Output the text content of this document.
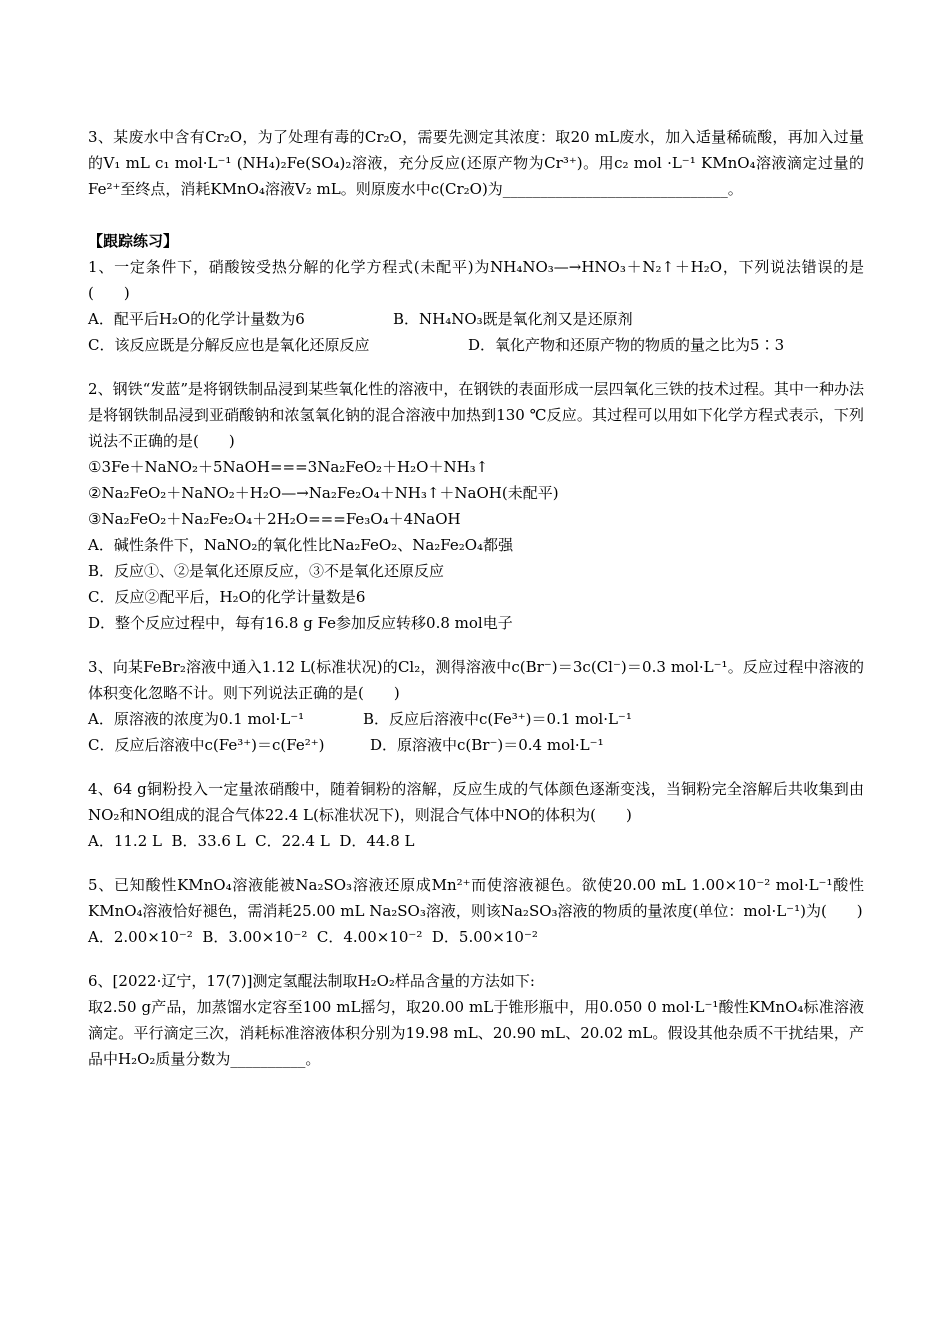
3、某废水中含有Cr₂O，为了处理有毒的Cr₂O，需要先测定其浓度：取20 mL废水，加入适量稀硫酸，再加入过量的V₁ mL c₁ mol·L⁻¹ (NH₄)₂Fe(SO₄)₂溶液，充分反应(还原产物为Cr³⁺)。用c₂ mol ·L⁻¹ KMnO₄溶液滴定过量的Fe²⁺至终点，消耗KMnO₄溶液V₂ mL。则原废水中c(Cr₂O)为______________________________。

【跟踪练习】

1、一定条件下，硝酸铵受热分解的化学方程式(未配平)为NH₄NO₃—→HNO₃＋N₂↑＋H₂O，下列说法错误的是(　　)

A．配平后H₂O的化学计量数为6	B．NH₄NO₃既是氧化剂又是还原剂
C．该反应既是分解反应也是氧化还原反应	D．氧化产物和还原产物的物质的量之比为5∶3

2、钢铁“发蓝”是将钢铁制品浸到某些氧化性的溶液中，在钢铁的表面形成一层四氧化三铁的技术过程。其中一种办法是将钢铁制品浸到亚硝酸钠和浓氢氧化钠的混合溶液中加热到130 ℃反应。其过程可以用如下化学方程式表示，下列说法不正确的是(　　)

①3Fe＋NaNO₂＋5NaOH===3Na₂FeO₂＋H₂O＋NH₃↑

②Na₂FeO₂＋NaNO₂＋H₂O—→Na₂Fe₂O₄＋NH₃↑＋NaOH(未配平)

③Na₂FeO₂＋Na₂Fe₂O₄＋2H₂O===Fe₃O₄＋4NaOH

A．碱性条件下，NaNO₂的氧化性比Na₂FeO₂、Na₂Fe₂O₄都强

B．反应①、②是氧化还原反应，③不是氧化还原反应

C．反应②配平后，H₂O的化学计量数是6

D．整个反应过程中，每有16.8 g Fe参加反应转移0.8 mol电子

3、向某FeBr₂溶液中通入1.12 L(标准状况)的Cl₂，测得溶液中c(Br⁻)＝3c(Cl⁻)＝0.3 mol·L⁻¹。反应过程中溶液的体积变化忽略不计。则下列说法正确的是(　　)

A．原溶液的浓度为0.1 mol·L⁻¹	B．反应后溶液中c(Fe³⁺)＝0.1 mol·L⁻¹
C．反应后溶液中c(Fe³⁺)＝c(Fe²⁺)	D．原溶液中c(Br⁻)＝0.4 mol·L⁻¹

4、64 g铜粉投入一定量浓硝酸中，随着铜粉的溶解，反应生成的气体颜色逐渐变浅，当铜粉完全溶解后共收集到由NO₂和NO组成的混合气体22.4 L(标准状况下)，则混合气体中NO的体积为(　　)

A．11.2 L  B．33.6 L  C．22.4 L  D．44.8 L

5、已知酸性KMnO₄溶液能被Na₂SO₃溶液还原成Mn²⁺而使溶液褪色。欲使20.00 mL 1.00×10⁻² mol·L⁻¹酸性KMnO₄溶液恰好褪色，需消耗25.00 mL Na₂SO₃溶液，则该Na₂SO₃溶液的物质的量浓度(单位：mol·L⁻¹)为(　　)

A．2.00×10⁻²  B．3.00×10⁻²  C．4.00×10⁻²  D．5.00×10⁻²

6、[2022·辽宁，17(7)]测定氢醌法制取H₂O₂样品含量的方法如下:

取2.50 g产品，加蒸馏水定容至100 mL摇匀，取20.00 mL于锥形瓶中，用0.050 0 mol·L⁻¹酸性KMnO₄标准溶液滴定。平行滴定三次，消耗标准溶液体积分别为19.98 mL、20.90 mL、20.02 mL。假设其他杂质不干扰结果，产品中H₂O₂质量分数为__________。
